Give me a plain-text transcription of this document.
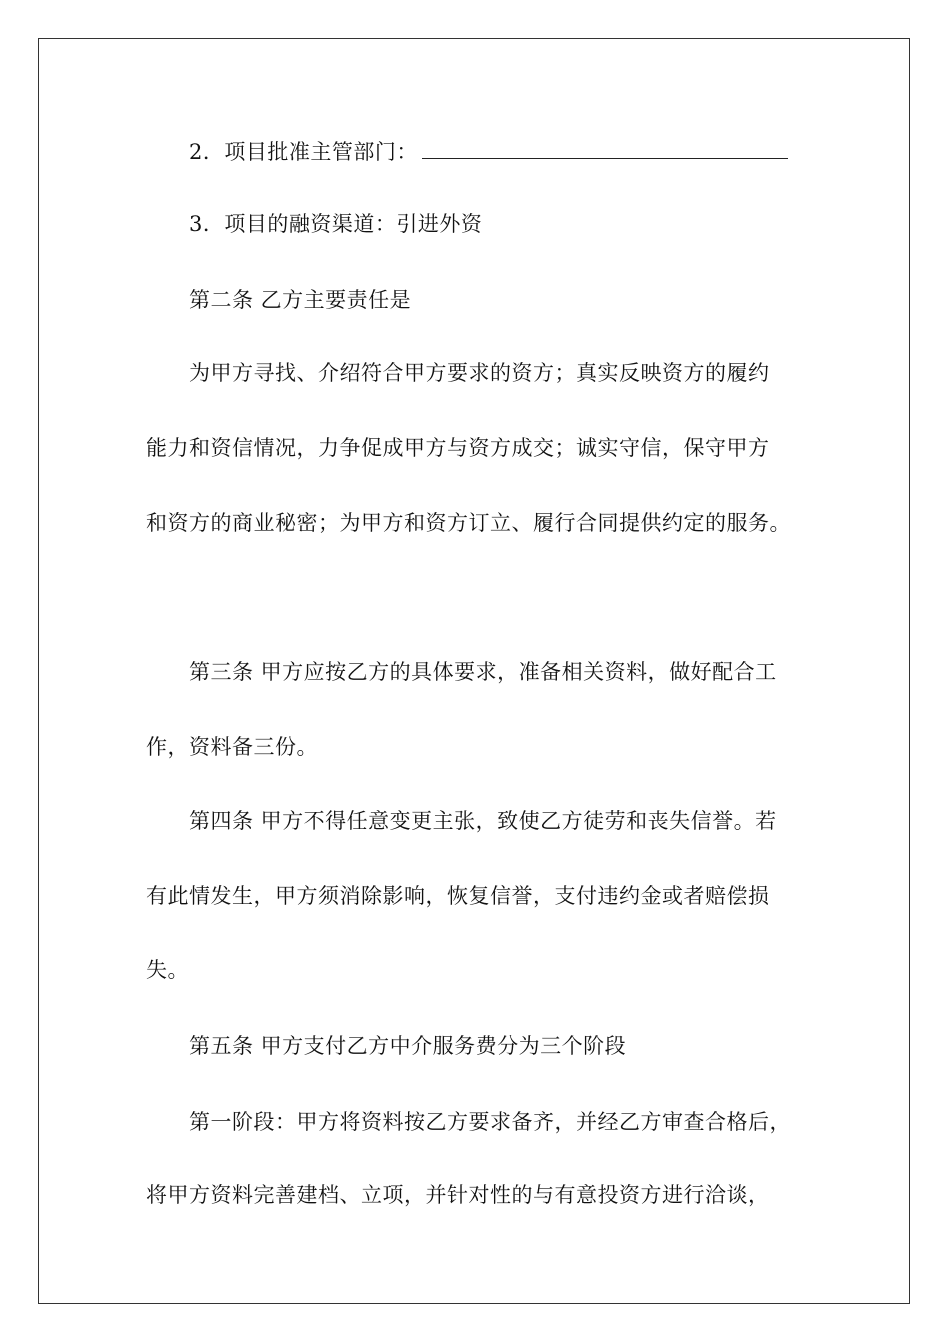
2．项目批准主管部门：
3．项目的融资渠道：引进外资
第二条 乙方主要责任是
为甲方寻找、介绍符合甲方要求的资方；真实反映资方的履约
能力和资信情况，力争促成甲方与资方成交；诚实守信，保守甲方
和资方的商业秘密；为甲方和资方订立、履行合同提供约定的服务。
第三条 甲方应按乙方的具体要求，准备相关资料，做好配合工
作，资料备三份。
第四条 甲方不得任意变更主张，致使乙方徒劳和丧失信誉。若
有此情发生，甲方须消除影响，恢复信誉，支付违约金或者赔偿损
失。
第五条 甲方支付乙方中介服务费分为三个阶段
第一阶段：甲方将资料按乙方要求备齐，并经乙方审查合格后，
将甲方资料完善建档、立项，并针对性的与有意投资方进行洽谈，
